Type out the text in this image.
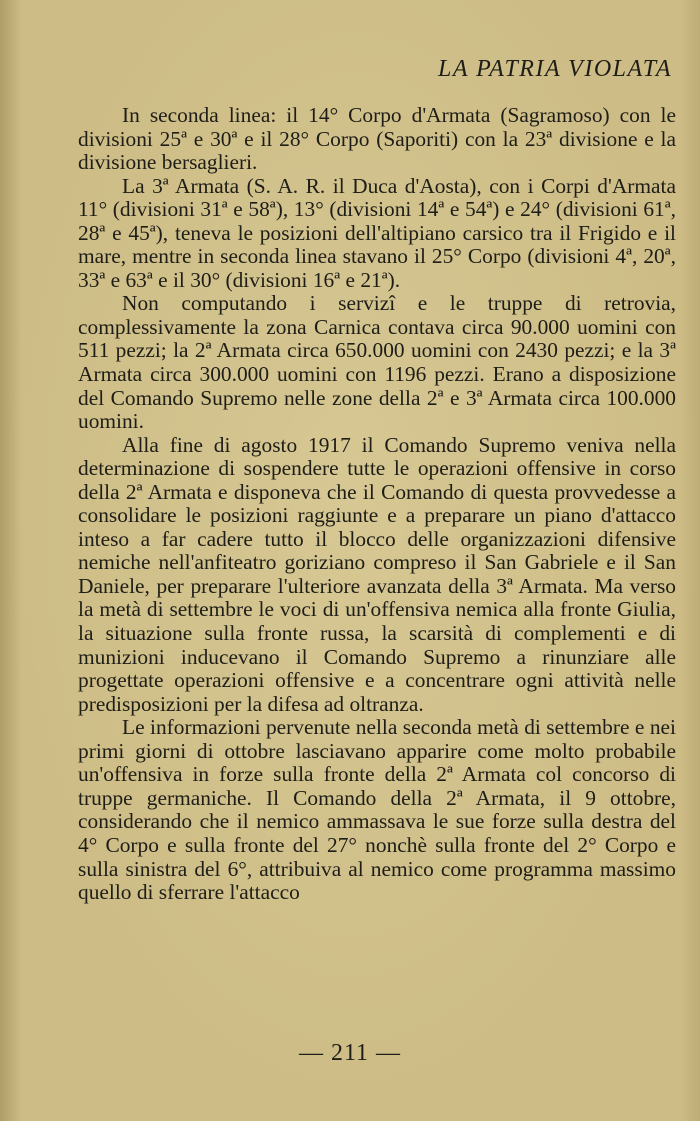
LA PATRIA VIOLATA

In seconda linea: il 14° Corpo d'Armata (Sagramoso) con le divisioni 25ª e 30ª e il 28° Corpo (Saporiti) con la 23ª divisione e la divisione bersaglieri.

La 3ª Armata (S. A. R. il Duca d'Aosta), con i Corpi d'Armata 11° (divisioni 31ª e 58ª), 13° (divisioni 14ª e 54ª) e 24° (divisioni 61ª, 28ª e 45ª), teneva le posizioni dell'altipiano carsico tra il Frigido e il mare, mentre in seconda linea stavano il 25° Corpo (divisioni 4ª, 20ª, 33ª e 63ª e il 30° (divisioni 16ª e 21ª).

Non computando i servizî e le truppe di retrovia, complessivamente la zona Carnica contava circa 90.000 uomini con 511 pezzi; la 2ª Armata circa 650.000 uomini con 2430 pezzi; e la 3ª Armata circa 300.000 uomini con 1196 pezzi. Erano a disposizione del Comando Supremo nelle zone della 2ª e 3ª Armata circa 100.000 uomini.

Alla fine di agosto 1917 il Comando Supremo veniva nella determinazione di sospendere tutte le operazioni offensive in corso della 2ª Armata e disponeva che il Comando di questa provvedesse a consolidare le posizioni raggiunte e a preparare un piano d'attacco inteso a far cadere tutto il blocco delle organizzazioni difensive nemiche nell'anfiteatro goriziano compreso il San Gabriele e il San Daniele, per preparare l'ulteriore avanzata della 3ª Armata. Ma verso la metà di settembre le voci di un'offensiva nemica alla fronte Giulia, la situazione sulla fronte russa, la scarsità di complementi e di munizioni inducevano il Comando Supremo a rinunziare alle progettate operazioni offensive e a concentrare ogni attività nelle predisposizioni per la difesa ad oltranza.

Le informazioni pervenute nella seconda metà di settembre e nei primi giorni di ottobre lasciavano apparire come molto probabile un'offensiva in forze sulla fronte della 2ª Armata col concorso di truppe germaniche. Il Comando della 2ª Armata, il 9 ottobre, considerando che il nemico ammassava le sue forze sulla destra del 4° Corpo e sulla fronte del 27° nonchè sulla fronte del 2° Corpo e sulla sinistra del 6°, attribuiva al nemico come programma massimo quello di sferrare l'attacco

— 211 —
